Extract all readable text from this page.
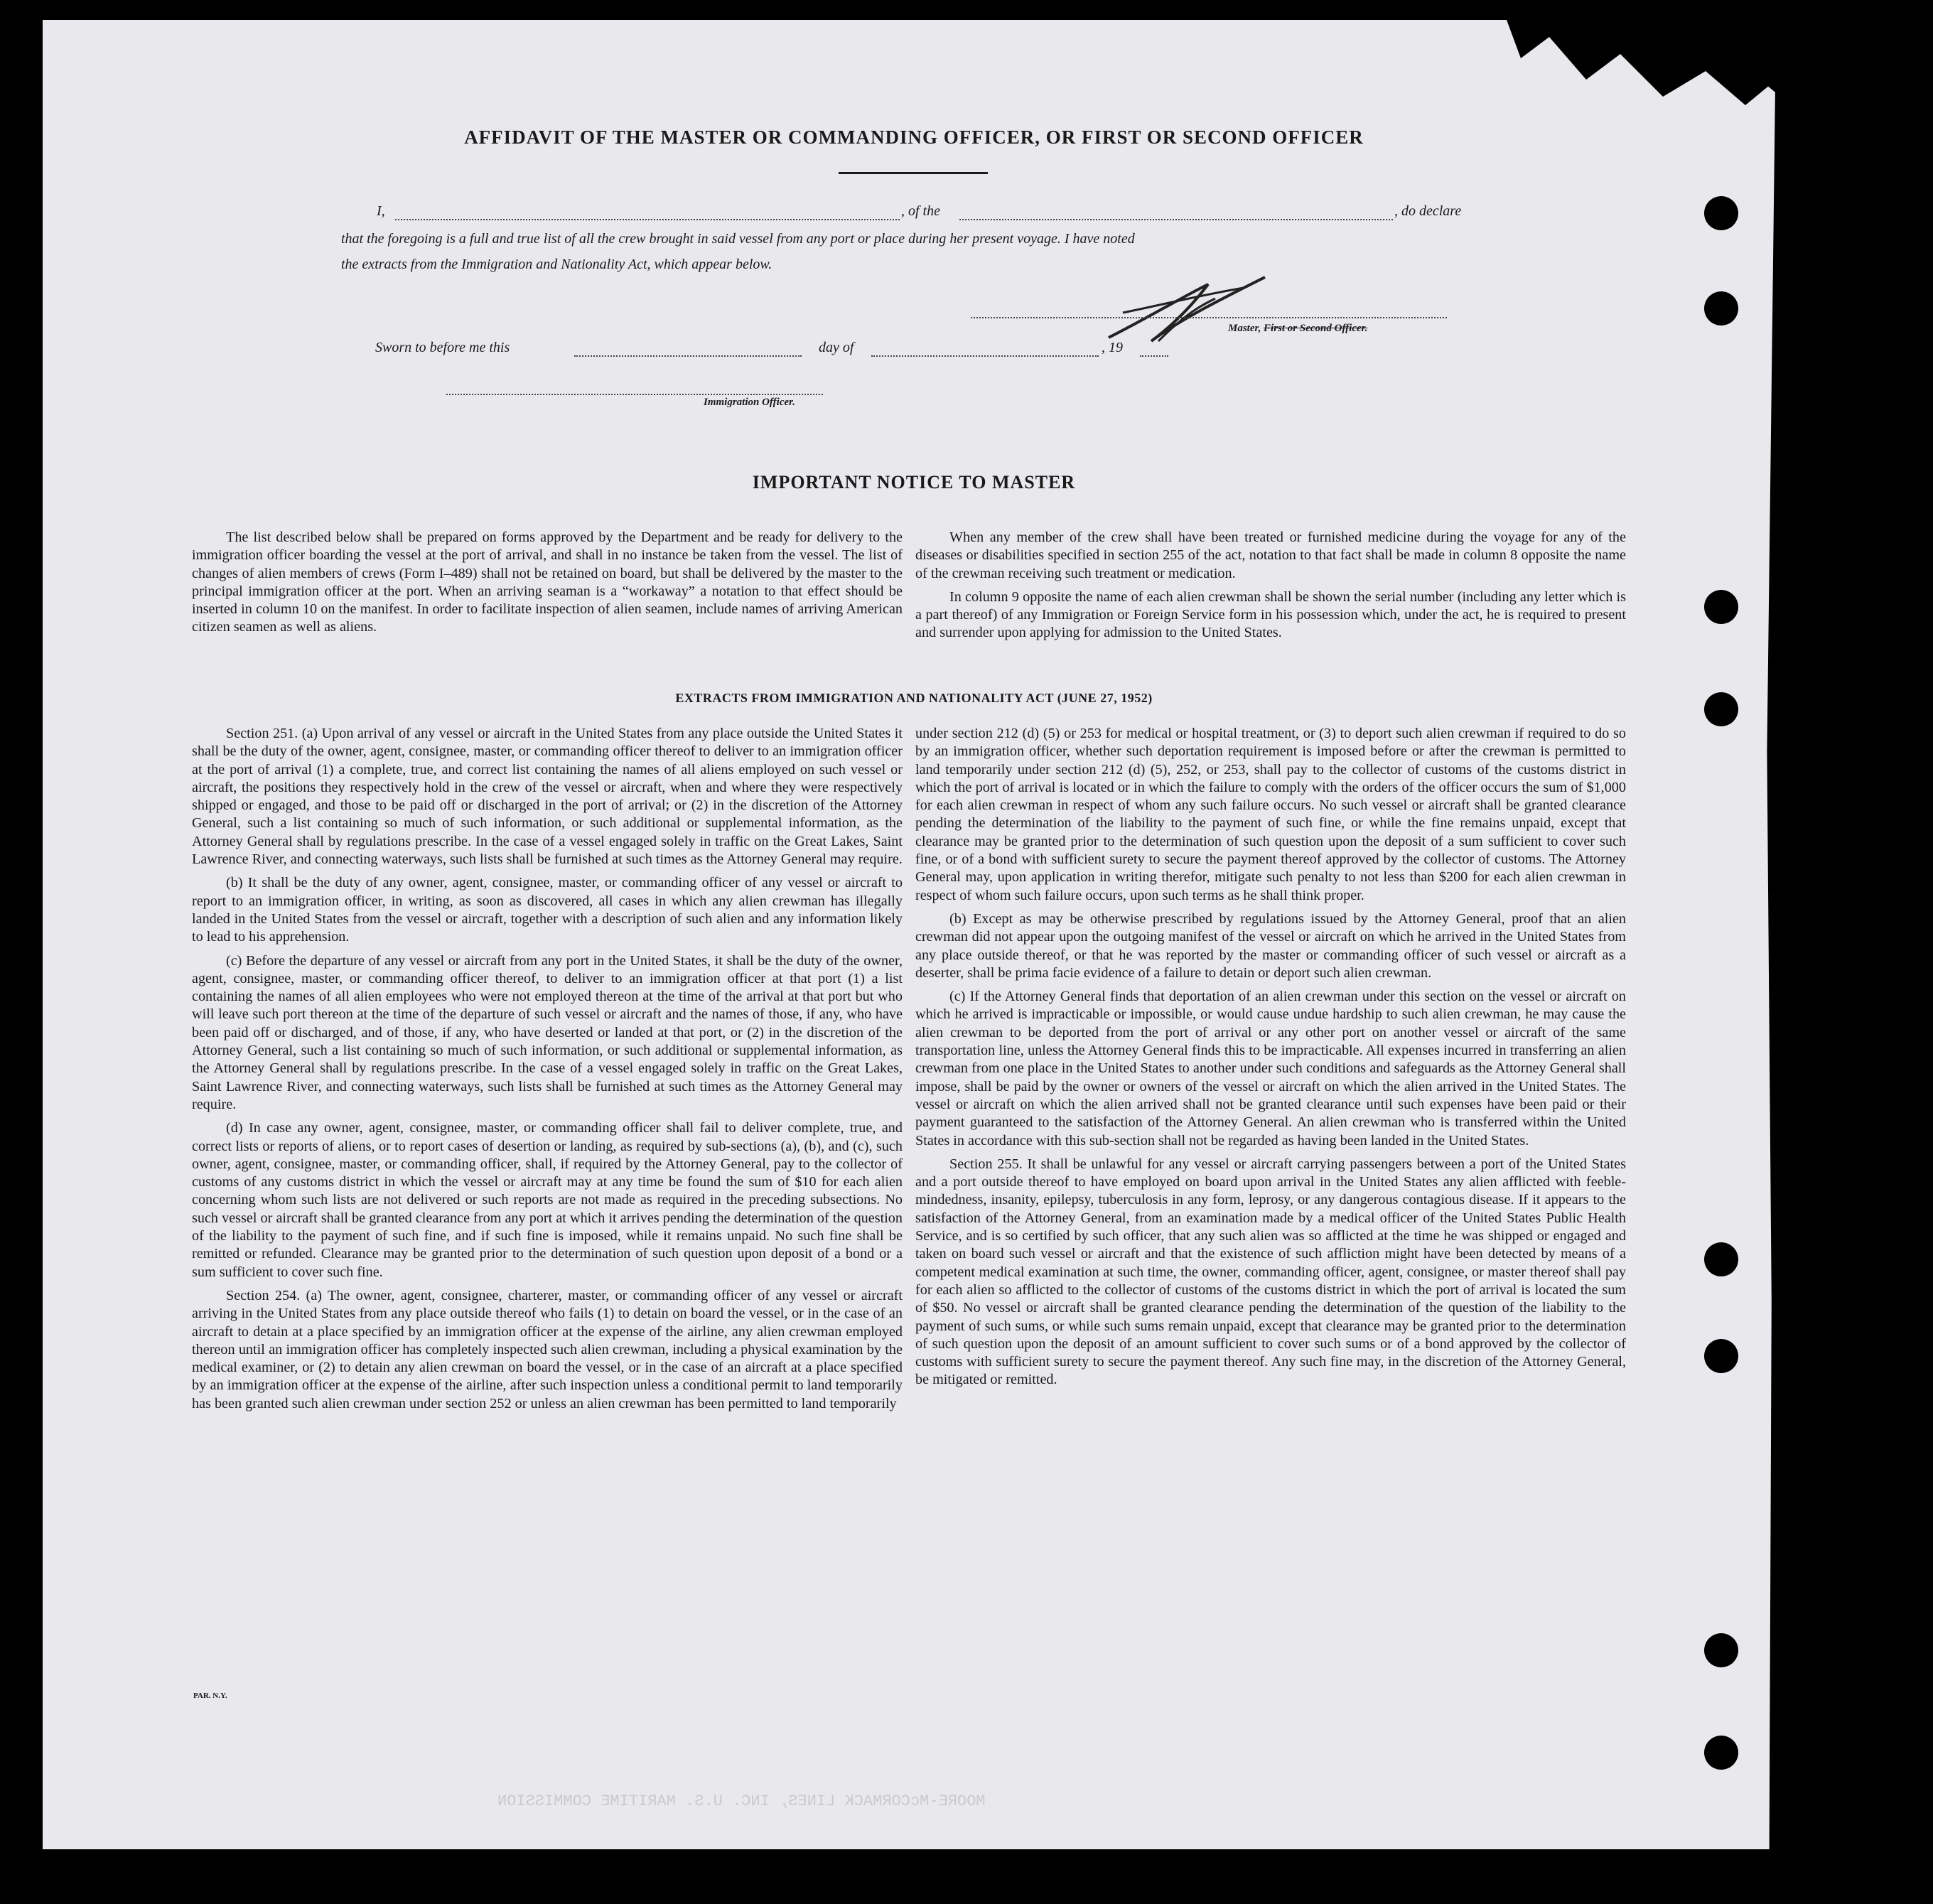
MOORE-McCORMACK LINES, INC. U.S. MARITIME COMMISSION
AFFIDAVIT OF THE MASTER OR COMMANDING OFFICER, OR FIRST OR SECOND OFFICER
I,	, of the	, do declare
that the foregoing is a full and true list of all the crew brought in said vessel from any port or place during her present voyage. I have noted
the extracts from the Immigration and Nationality Act, which appear below.
Master, First or Second Officer.
Sworn to before me this	day of	, 19
Immigration Officer.
IMPORTANT NOTICE TO MASTER

The list described below shall be prepared on forms approved by the Department and be ready for delivery to the immigration officer boarding the vessel at the port of arrival, and shall in no instance be taken from the vessel. The list of changes of alien members of crews (Form I–489) shall not be retained on board, but shall be delivered by the master to the principal immigration officer at the port. When an arriving seaman is a “workaway” a notation to that effect should be inserted in column 10 on the manifest. In order to facilitate inspection of alien seamen, include names of arriving American citizen seamen as well as aliens.

When any member of the crew shall have been treated or furnished medicine during the voyage for any of the diseases or disabilities specified in section 255 of the act, notation to that fact shall be made in column 8 opposite the name of the crewman receiving such treatment or medication.

In column 9 opposite the name of each alien crewman shall be shown the serial number (including any letter which is a part thereof) of any Immigration or Foreign Service form in his possession which, under the act, he is required to present and surrender upon applying for admission to the United States.

EXTRACTS FROM IMMIGRATION AND NATIONALITY ACT (JUNE 27, 1952)

Section 251. (a) Upon arrival of any vessel or aircraft in the United States from any place outside the United States it shall be the duty of the owner, agent, consignee, master, or commanding officer thereof to deliver to an immigration officer at the port of arrival (1) a complete, true, and correct list containing the names of all aliens employed on such vessel or aircraft, the positions they respectively hold in the crew of the vessel or aircraft, when and where they were respectively shipped or engaged, and those to be paid off or discharged in the port of arrival; or (2) in the discretion of the Attorney General, such a list containing so much of such information, or such additional or supplemental information, as the Attorney General shall by regulations prescribe. In the case of a vessel engaged solely in traffic on the Great Lakes, Saint Lawrence River, and connecting waterways, such lists shall be furnished at such times as the Attorney General may require.

(b) It shall be the duty of any owner, agent, consignee, master, or commanding officer of any vessel or aircraft to report to an immigration officer, in writing, as soon as discovered, all cases in which any alien crewman has illegally landed in the United States from the vessel or aircraft, together with a description of such alien and any information likely to lead to his apprehension.

(c) Before the departure of any vessel or aircraft from any port in the United States, it shall be the duty of the owner, agent, consignee, master, or commanding officer thereof, to deliver to an immigration officer at that port (1) a list containing the names of all alien employees who were not employed thereon at the time of the arrival at that port but who will leave such port thereon at the time of the departure of such vessel or aircraft and the names of those, if any, who have been paid off or discharged, and of those, if any, who have deserted or landed at that port, or (2) in the discretion of the Attorney General, such a list containing so much of such information, or such additional or supplemental information, as the Attorney General shall by regulations prescribe. In the case of a vessel engaged solely in traffic on the Great Lakes, Saint Lawrence River, and connecting waterways, such lists shall be furnished at such times as the Attorney General may require.

(d) In case any owner, agent, consignee, master, or commanding officer shall fail to deliver complete, true, and correct lists or reports of aliens, or to report cases of desertion or landing, as required by sub-sections (a), (b), and (c), such owner, agent, consignee, master, or commanding officer, shall, if required by the Attorney General, pay to the collector of customs of any customs district in which the vessel or aircraft may at any time be found the sum of $10 for each alien concerning whom such lists are not delivered or such reports are not made as required in the preceding subsections. No such vessel or aircraft shall be granted clearance from any port at which it arrives pending the determination of the question of the liability to the payment of such fine, and if such fine is imposed, while it remains unpaid. No such fine shall be remitted or refunded. Clearance may be granted prior to the determination of such question upon deposit of a bond or a sum sufficient to cover such fine.

Section 254. (a) The owner, agent, consignee, charterer, master, or commanding officer of any vessel or aircraft arriving in the United States from any place outside thereof who fails (1) to detain on board the vessel, or in the case of an aircraft to detain at a place specified by an immigration officer at the expense of the airline, any alien crewman employed thereon until an immigration officer has completely inspected such alien crewman, including a physical examination by the medical examiner, or (2) to detain any alien crewman on board the vessel, or in the case of an aircraft at a place specified by an immigration officer at the expense of the airline, after such inspection unless a conditional permit to land temporarily has been granted such alien crewman under section 252 or unless an alien crewman has been permitted to land temporarily

under section 212 (d) (5) or 253 for medical or hospital treatment, or (3) to deport such alien crewman if required to do so by an immigration officer, whether such deportation requirement is imposed before or after the crewman is permitted to land temporarily under section 212 (d) (5), 252, or 253, shall pay to the collector of customs of the customs district in which the port of arrival is located or in which the failure to comply with the orders of the officer occurs the sum of $1,000 for each alien crewman in respect of whom any such failure occurs. No such vessel or aircraft shall be granted clearance pending the determination of the liability to the payment of such fine, or while the fine remains unpaid, except that clearance may be granted prior to the determination of such question upon the deposit of a sum sufficient to cover such fine, or of a bond with sufficient surety to secure the payment thereof approved by the collector of customs. The Attorney General may, upon application in writing therefor, mitigate such penalty to not less than $200 for each alien crewman in respect of whom such failure occurs, upon such terms as he shall think proper.

(b) Except as may be otherwise prescribed by regulations issued by the Attorney General, proof that an alien crewman did not appear upon the outgoing manifest of the vessel or aircraft on which he arrived in the United States from any place outside thereof, or that he was reported by the master or commanding officer of such vessel or aircraft as a deserter, shall be prima facie evidence of a failure to detain or deport such alien crewman.

(c) If the Attorney General finds that deportation of an alien crewman under this section on the vessel or aircraft on which he arrived is impracticable or impossible, or would cause undue hardship to such alien crewman, he may cause the alien crewman to be deported from the port of arrival or any other port on another vessel or aircraft of the same transportation line, unless the Attorney General finds this to be impracticable. All expenses incurred in transferring an alien crewman from one place in the United States to another under such conditions and safeguards as the Attorney General shall impose, shall be paid by the owner or owners of the vessel or aircraft on which the alien arrived in the United States. The vessel or aircraft on which the alien arrived shall not be granted clearance until such expenses have been paid or their payment guaranteed to the satisfaction of the Attorney General. An alien crewman who is transferred within the United States in accordance with this sub-section shall not be regarded as having been landed in the United States.

Section 255. It shall be unlawful for any vessel or aircraft carrying passengers between a port of the United States and a port outside thereof to have employed on board upon arrival in the United States any alien afflicted with feeble-mindedness, insanity, epilepsy, tuberculosis in any form, leprosy, or any dangerous contagious disease. If it appears to the satisfaction of the Attorney General, from an examination made by a medical officer of the United States Public Health Service, and is so certified by such officer, that any such alien was so afflicted at the time he was shipped or engaged and taken on board such vessel or aircraft and that the existence of such affliction might have been detected by means of a competent medical examination at such time, the owner, commanding officer, agent, consignee, or master thereof shall pay for each alien so afflicted to the collector of customs of the customs district in which the port of arrival is located the sum of $50. No vessel or aircraft shall be granted clearance pending the determination of the question of the liability to the payment of such sums, or while such sums remain unpaid, except that clearance may be granted prior to the determination of such question upon the deposit of an amount sufficient to cover such sums or of a bond approved by the collector of customs with sufficient surety to secure the payment thereof. Any such fine may, in the discretion of the Attorney General, be mitigated or remitted.

PAR. N.Y.
